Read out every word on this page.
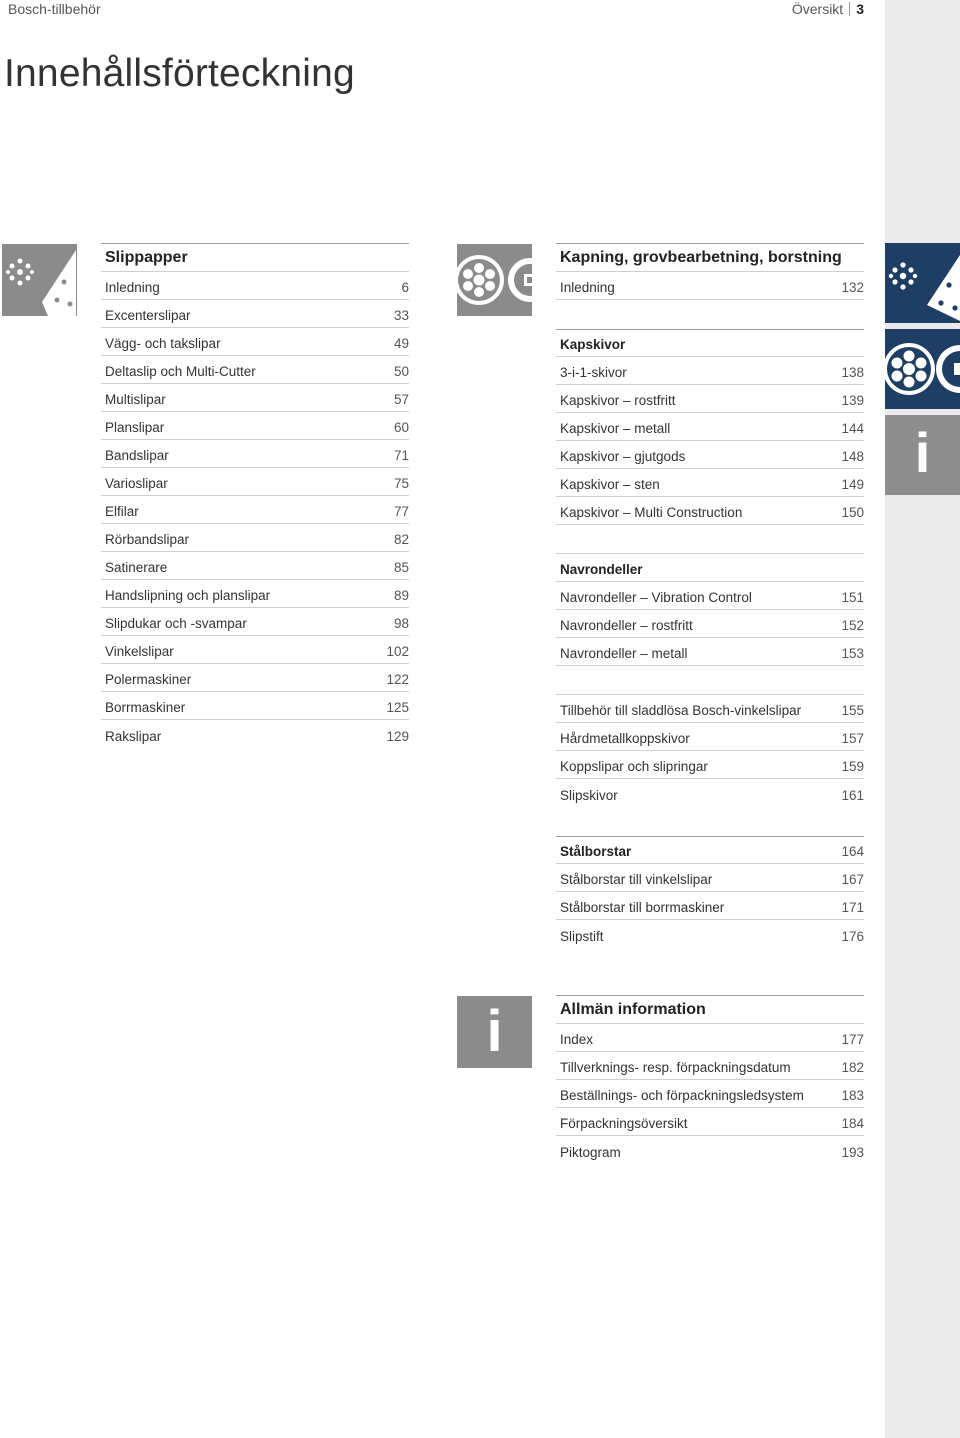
Bosch-tillbehör	Översikt 3
Innehållsförteckning
i
i
Slippapper
Inledning	6
Excenterslipar	33
Vägg- och takslipar	49
Deltaslip och Multi-Cutter	50
Multislipar	57
Planslipar	60
Bandslipar	71
Varioslipar	75
Elfilar	77
Rörbandslipar	82
Satinerare	85
Handslipning och planslipar	89
Slipdukar och -svampar	98
Vinkelslipar	102
Polermaskiner	122
Borrmaskiner	125
Rakslipar	129
Kapning, grovbearbetning, borstning
Inledning	132
Kapskivor
3-i-1-skivor	138
Kapskivor – rostfritt	139
Kapskivor – metall	144
Kapskivor – gjutgods	148
Kapskivor – sten	149
Kapskivor – Multi Construction	150
Navrondeller
Navrondeller – Vibration Control	151
Navrondeller – rostfritt	152
Navrondeller – metall	153
Tillbehör till sladdlösa Bosch-vinkelslipar	155
Hårdmetallkoppskivor	157
Koppslipar och slipringar	159
Slipskivor	161
Stålborstar	164
Stålborstar till vinkelslipar	167
Stålborstar till borrmaskiner	171
Slipstift	176
Allmän information
Index	177
Tillverknings- resp. förpackningsdatum	182
Beställnings- och förpackningsledsystem	183
Förpackningsöversikt	184
Piktogram	193
